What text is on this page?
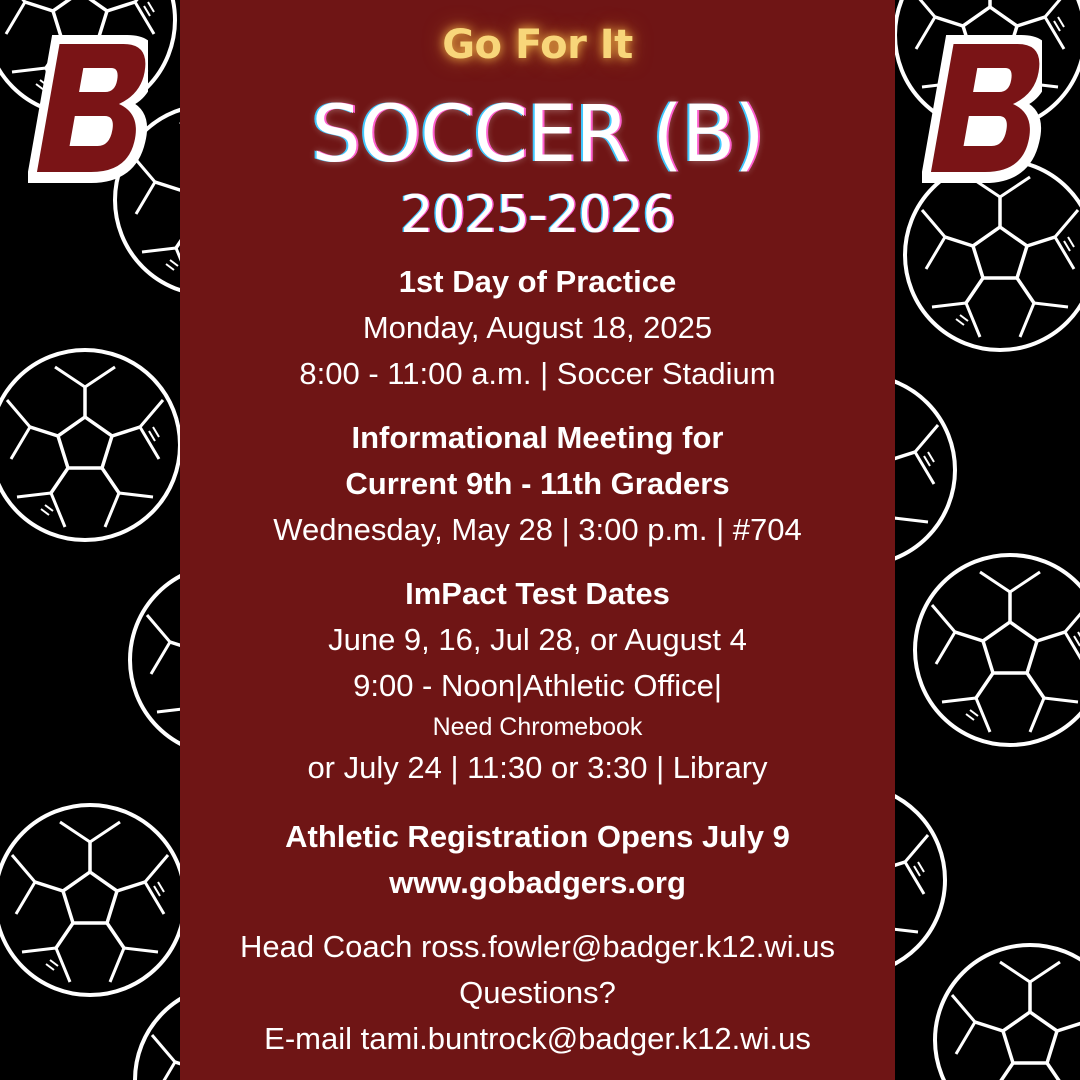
Go For It
SOCCER (B)
2025-2026
1st Day of Practice
Monday, August 18, 2025
8:00 - 11:00 a.m. | Soccer Stadium
Informational Meeting for
Current 9th - 11th Graders
Wednesday, May 28 | 3:00 p.m. | #704
ImPact Test Dates
June 9, 16, Jul 28, or August 4
9:00 - Noon|Athletic Office|
Need Chromebook
or July 24 | 11:30 or 3:30 | Library
Athletic Registration Opens July 9
www.gobadgers.org
Head Coach ross.fowler@badger.k12.wi.us
Questions?
E-mail tami.buntrock@badger.k12.wi.us
